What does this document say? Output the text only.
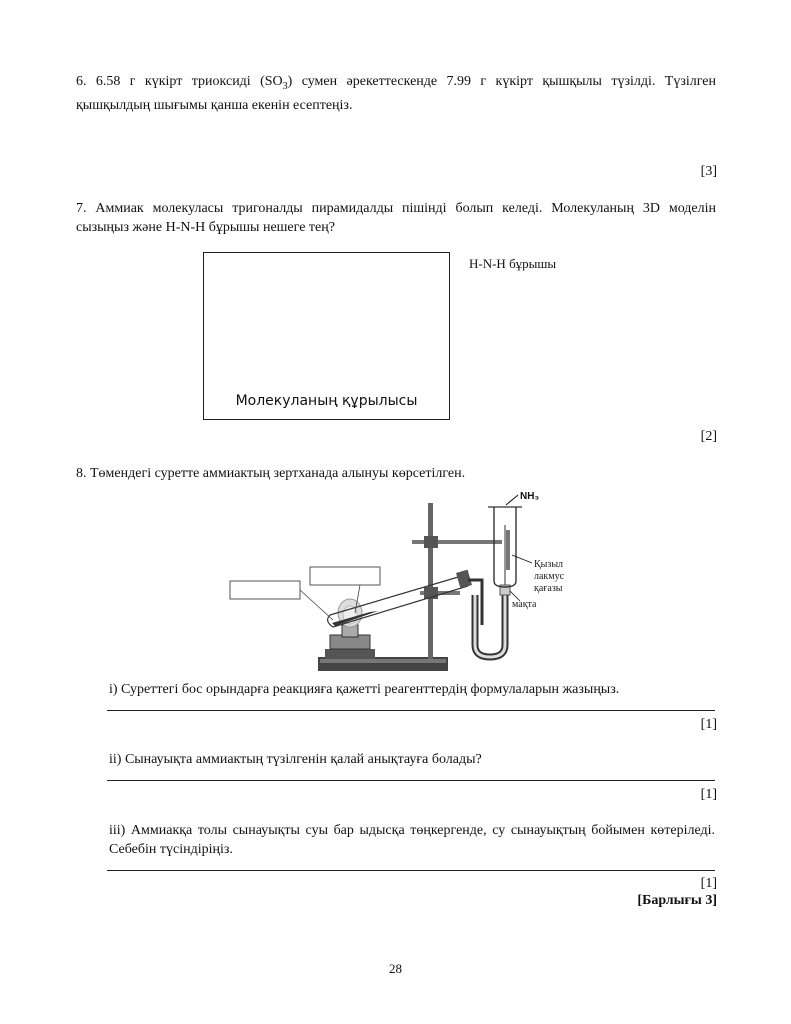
6. 6.58 г күкірт триоксиді $(SO_3)$ сумен әрекеттескенде 7.99 г күкірт қышқылы түзілді. Түзілген
қышқылдың шығымы қанша екенін есептеңіз.
[3]
7. Аммиак молекуласы тригоналды пирамидалды пішінді болып келеді. Молекуланың 3D моделін сызыңыз және H-N-H бұрышы нешеге тең?
Молекуланың құрылысы
H-N-H бұрышы
[2]
8. Төмендегі суретте аммиактың зертханада алынуы көрсетілген.
NH₃
Қызыл
лакмус
қағазы
мақта
i) Суреттегі бос орындарға реакцияға қажетті реагенттердің формулаларын жазыңыз.
[1]
ii) Сынауықта аммиактың түзілгенін қалай анықтауға болады?
[1]
iii) Аммиакқа толы сынауықты суы бар ыдысқа төңкергенде, су сынауықтың бойымен көтеріледі. Себебін түсіндіріңіз.
[1]
[Барлығы 3]
28
